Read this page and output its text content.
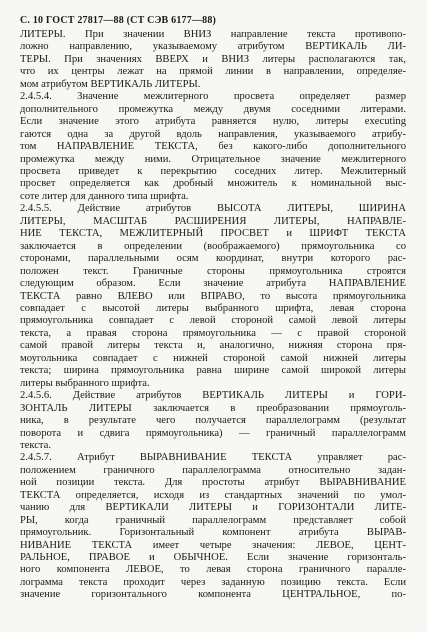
С. 10 ГОСТ 27817—88 (СТ СЭВ 6177—88)
ЛИТЕРЫ. При значении ВНИЗ направление текста противопо-
ложно направлению, указываемому атрибутом ВЕРТИКАЛЬ ЛИ-
ТЕРЫ. При значениях ВВЕРХ и ВНИЗ литеры располагаются так,
что их центры лежат на прямой линии в направлении, определяе-
мом атрибутом ВЕРТИКАЛЬ ЛИТЕРЫ.
2.4.5.4. Значение межлитерного просвета определяет размер
дополнительного промежутка между двумя соседними литерами.
Если значение этого атрибута равняется нулю, литеры executing
гаются одна за другой вдоль направления, указываемого атрибу-
том НАПРАВЛЕНИЕ ТЕКСТА, без какого-либо дополнительного
промежутка между ними. Отрицательное значение межлитерного
просвета приведет к перекрытию соседних литер. Межлитерный
просвет определяется как дробный множитель к номинальной выс-
соте литер для данного типа шрифта.
2.4.5.5. Действие атрибутов ВЫСОТА ЛИТЕРЫ, ШИРИНА
ЛИТЕРЫ, МАСШТАБ РАСШИРЕНИЯ ЛИТЕРЫ, НАПРАВЛЕ-
НИЕ ТЕКСТА, МЕЖЛИТЕРНЫЙ ПРОСВЕТ и ШРИФТ ТЕКСТА
заключается в определении (воображаемого) прямоугольника со
сторонами, параллельными осям координат, внутри которого рас-
положен текст. Граничные стороны прямоугольника строятся
следующим образом. Если значение атрибута НАПРАВЛЕНИЕ
ТЕКСТА равно ВЛЕВО или ВПРАВО, то высота прямоугольника
совпадает с высотой литеры выбранного шрифта, левая сторона
прямоугольника совпадает с левой стороной самой левой литеры
текста, а правая сторона прямоугольника — с правой стороной
самой правой литеры текста и, аналогично, нижняя сторона пря-
моугольника совпадает с нижней стороной самой нижней литеры
текста; ширина прямоугольника равна ширине самой широкой литеры
литеры выбранного шрифта.
2.4.5.6. Действие атрибутов ВЕРТИКАЛЬ ЛИТЕРЫ и ГОРИ-
ЗОНТАЛЬ ЛИТЕРЫ заключается в преобразовании прямоуголь-
ника, в результате чего получается параллелограмм (результат
поворота и сдвига прямоугольника) — граничный параллелограмм
текста.
2.4.5.7. Атрибут ВЫРАВНИВАНИЕ ТЕКСТА управляет рас-
положением граничного параллелограмма относительно задан-
ной позиции текста. Для простоты атрибут ВЫРАВНИВАНИЕ
ТЕКСТА определяется, исходя из стандартных значений по умол-
чанию для ВЕРТИКАЛИ ЛИТЕРЫ и ГОРИЗОНТАЛИ ЛИТЕ-
РЫ, когда граничный параллелограмм представляет собой
прямоугольник. Горизонтальный компонент атрибута ВЫРАВ-
НИВАНИЕ ТЕКСТА имеет четыре значения: ЛЕВОЕ, ЦЕНТ-
РАЛЬНОЕ, ПРАВОЕ и ОБЫЧНОЕ. Если значение горизонталь-
ного компонента ЛЕВОЕ, то левая сторона граничного паралле-
лограмма текста проходит через заданную позицию текста. Если
значение горизонтального компонента ЦЕНТРАЛЬНОЕ, по-
